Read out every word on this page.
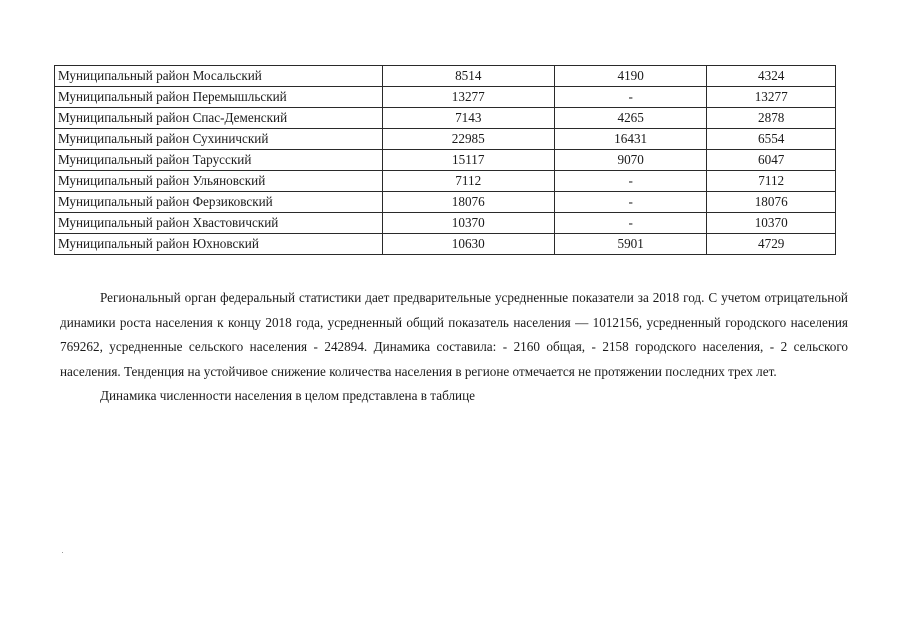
Муниципальный район Мосальский	8514	4190	4324
Муниципальный район Перемышльский	13277	-	13277
Муниципальный район Спас-Деменский	7143	4265	2878
Муниципальный район Сухиничский	22985	16431	6554
Муниципальный район Тарусский	15117	9070	6047
Муниципальный район Ульяновский	7112	-	7112
Муниципальный район Ферзиковский	18076	-	18076
Муниципальный район Хвастовичский	10370	-	10370
Муниципальный район Юхновский	10630	5901	4729

Региональный орган федеральный статистики дает предварительные усредненные показатели за 2018 год. С учетом отрицательной динамики роста населения к концу 2018 года, усредненный общий показатель населения — 1012156, усредненный городского населения 769262, усредненные сельского населения - 242894. Динамика составила: - 2160 общая, - 2158 городского населения, - 2 сельского населения. Тенденция на устойчивое снижение количества населения в регионе отмечается не протяжении последних трех лет.

Динамика численности населения в целом представлена в таблице
